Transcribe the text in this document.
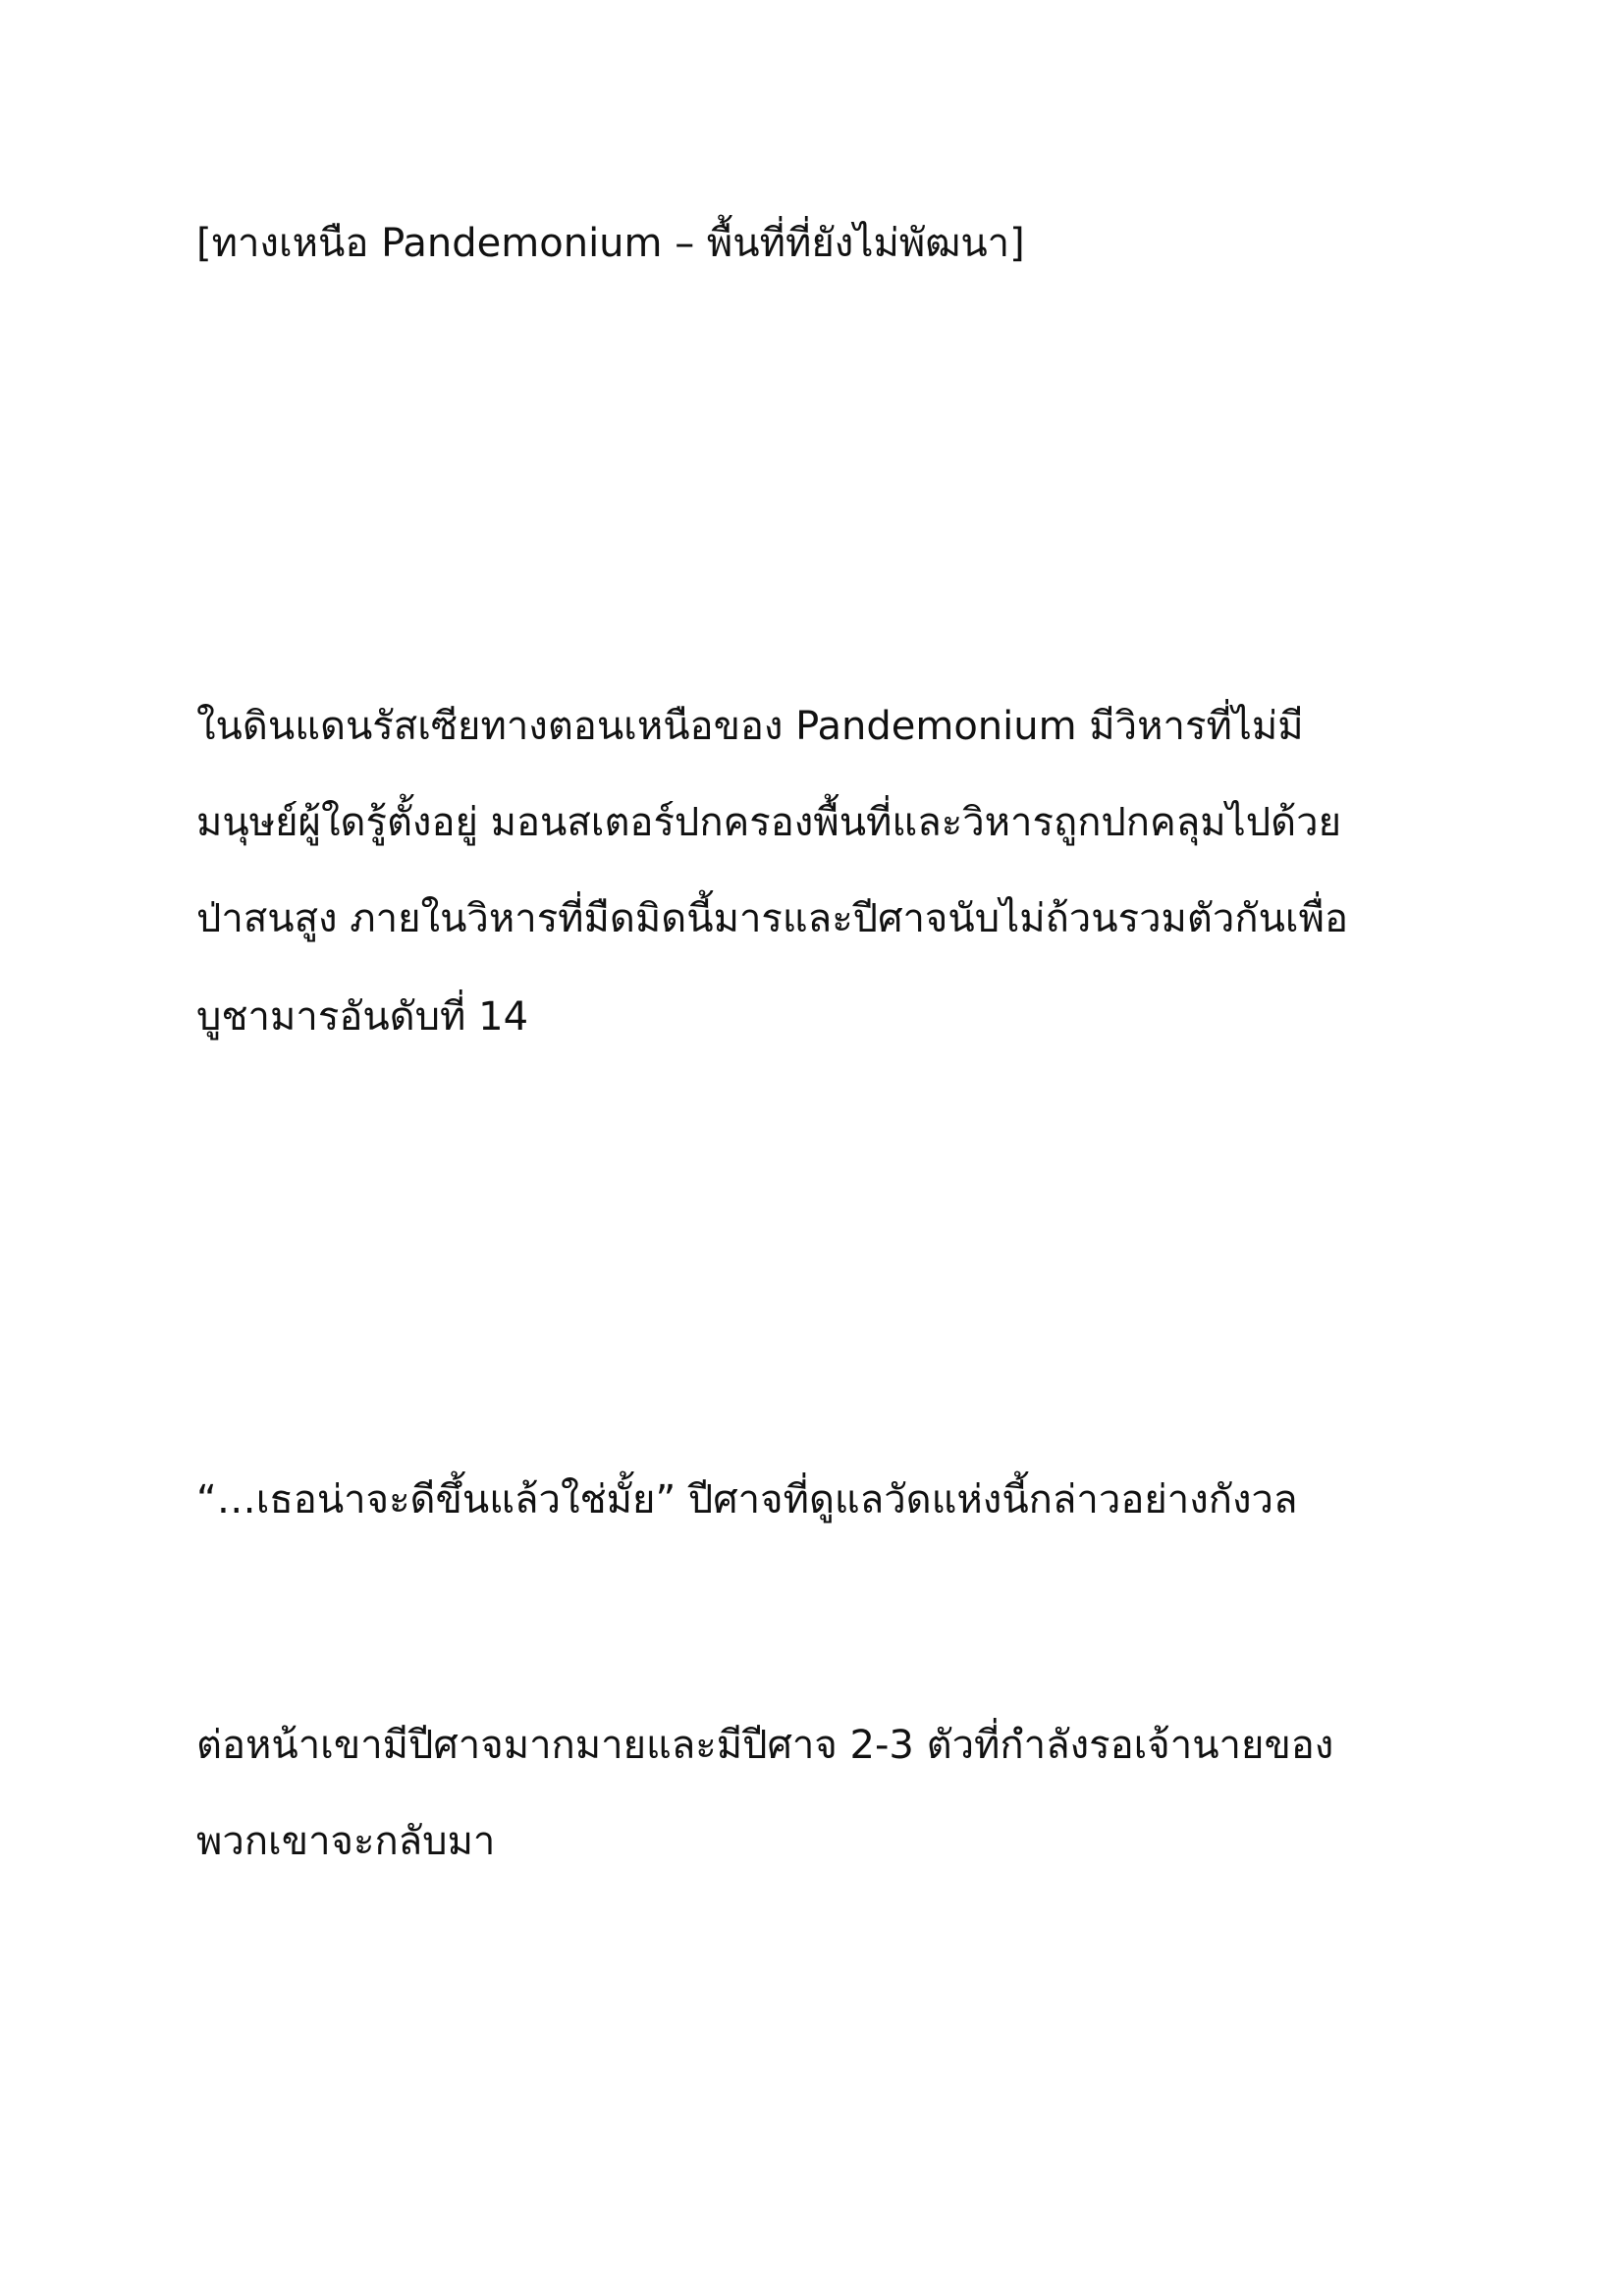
[ทางเหนือ Pandemonium – พื้นที่ที่ยังไม่พัฒนา]

ในดินแดนรัสเซียทางตอนเหนือของ Pandemonium มีวิหารที่ไม่มี

มนุษย์ผู้ใดรู้ตั้งอยู่ มอนสเตอร์ปกครองพื้นที่และวิหารถูกปกคลุมไปด้วย

ป่าสนสูง ภายในวิหารที่มืดมิดนี้มารและปีศาจนับไม่ถ้วนรวมตัวกันเพื่อ

บูชามารอันดับที่ 14

“…เธอน่าจะดีขึ้นแล้วใช่มั้ย” ปีศาจที่ดูแลวัดแห่งนี้กล่าวอย่างกังวล

ต่อหน้าเขามีปีศาจมากมายและมีปีศาจ 2-3 ตัวที่กำลังรอเจ้านายของ

พวกเขาจะกลับมา
